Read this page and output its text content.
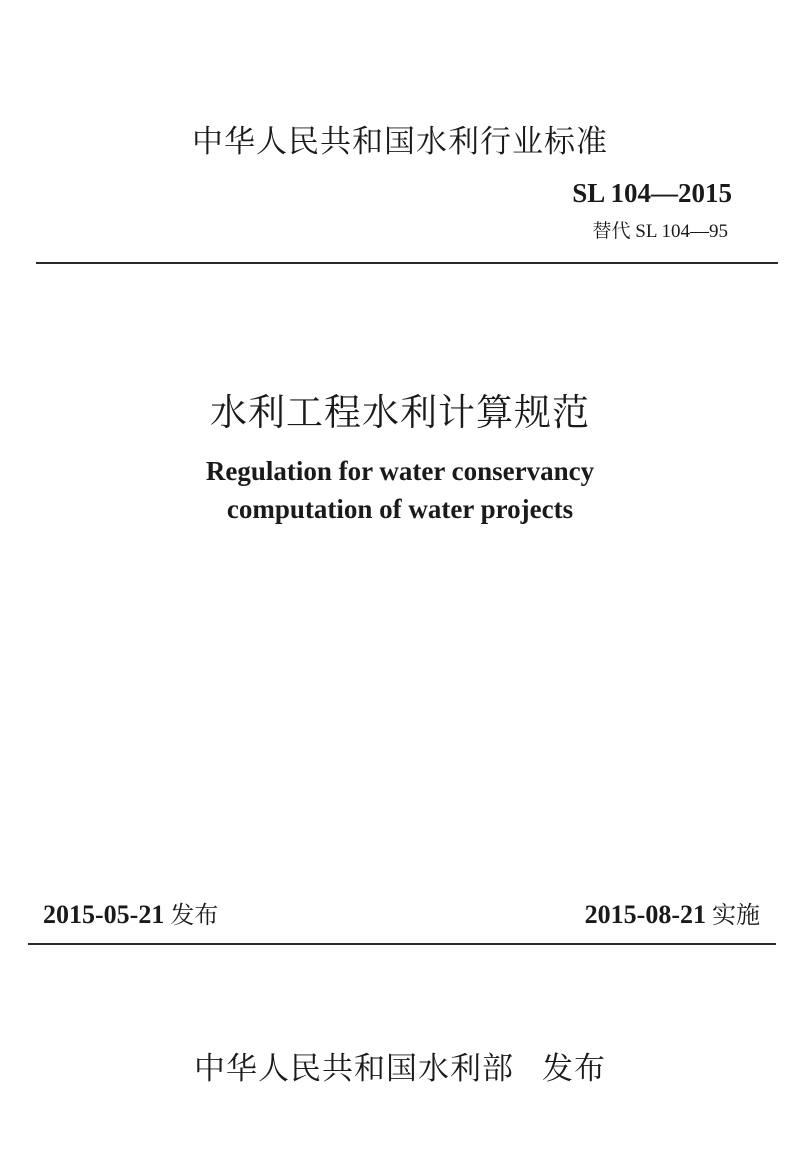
中华人民共和国水利行业标准
SL 104—2015
替代 SL 104—95
水利工程水利计算规范
Regulation for water conservancy
computation of water projects
2015-05-21 发布	2015-08-21 实施
中华人民共和国水利部 发布
